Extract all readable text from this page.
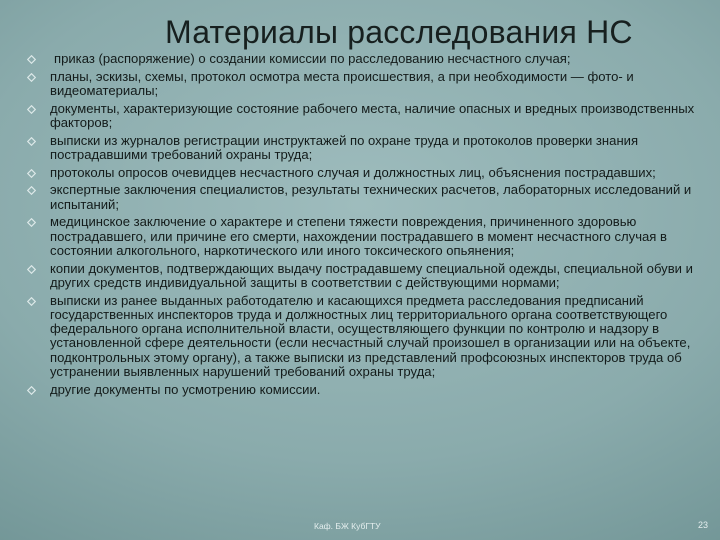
Материалы расследования НС
приказ (распоряжение) о создании комиссии по расследованию несчастного случая;
планы, эскизы, схемы, протокол осмотра места происшествия, а при необходимости — фото- и видеоматериалы;
документы, характеризующие состояние рабочего места, наличие опасных и вредных производственных факторов;
выписки из журналов регистрации инструктажей по охране труда и протоколов проверки знания пострадавшими требований охраны труда;
протоколы опросов очевидцев несчастного случая и должностных лиц, объяснения пострадавших;
экспертные заключения специалистов, результаты технических расчетов, лабораторных исследований и испытаний;
медицинское заключение о характере и степени тяжести повреждения, причиненного здоровью пострадавшего, или причине его смерти, нахождении пострадавшего в момент несчастного случая в состоянии алкогольного, наркотического или иного токсического опьянения;
копии документов, подтверждающих выдачу пострадавшему специальной одежды, специальной обуви и других средств индивидуальной защиты в соответствии с действующими нормами;
выписки из ранее выданных работодателю и касающихся предмета расследования предписаний государственных инспекторов труда и должностных лиц территориального органа соответствующего федерального органа исполнительной власти, осуществляющего функции по контролю и надзору в установленной сфере деятельности (если несчастный случай произошел в организации или на объекте, подконтрольных этому органу), а также выписки из представлений профсоюзных инспекторов труда об устранении выявленных нарушений требований охраны труда;
другие документы по усмотрению комиссии.
Каф. БЖ КубГТУ	23
